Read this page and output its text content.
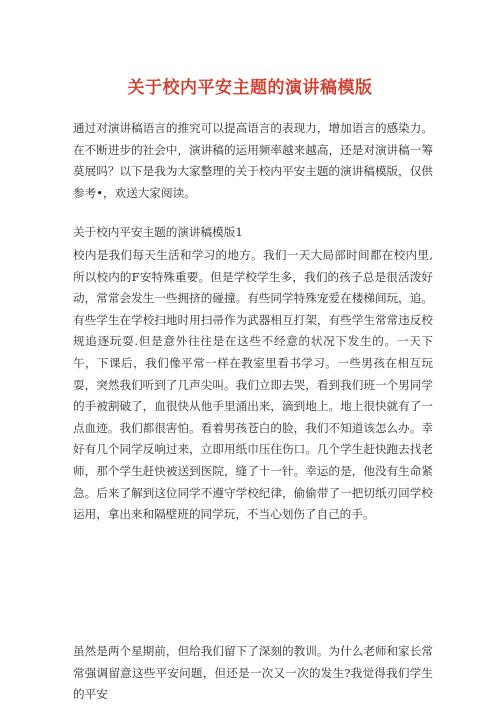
关于校内平安主题的演讲稿模版

通过对演讲稿语言的推究可以提高语言的表现力，增加语言的感染力。在不断进步的社会中，演讲稿的运用频率越来越高，还是对演讲稿一筹莫展吗？以下是我为大家整理的关于校内平安主题的演讲稿模版，仅供参考•，欢送大家阅读。

关于校内平安主题的演讲稿模版1

校内是我们每天生活和学习的地方。我们一天大局部时间都在校内里,所以校内的F安特殊重要。但是学校学生多，我们的孩子总是很活泼好动，常常会发生一些拥挤的碰撞。有些同学特殊宠爱在楼梯间玩，追。有些学生在学校扫地时用扫帚作为武器相互打架，有些学生常常违反校规追逐玩耍.但是意外往往是在这些不经意的状况下发生的。一天下午，下课后，我们像平常一样在教室里看书学习。一些男孩在相互玩耍，突然我们听到了几声尖叫。我们立即去哭，看到我们班一个男同学的手被割破了，血很快从他手里涌出来，滴到地上。地上很快就有了一点血迹。我们都很害怕。看着男孩苍白的脸，我们不知道该怎么办。幸好有几个同学反响过来，立即用纸巾压住伤口。几个学生赶快跑去找老师，那个学生赶快被送到医院，缝了十一针。幸运的是，他没有生命紧急。后来了解到这位同学不遵守学校纪律，偷偷带了一把切纸刃回学校运用，拿出来和隔壁班的同学玩，不当心划伤了自己的手。

虽然是两个星期前，但给我们留下了深刻的教训。为什么老师和家长常常强调留意这些平安问题，但还是一次又一次的发生?我觉得我们学生的平安
